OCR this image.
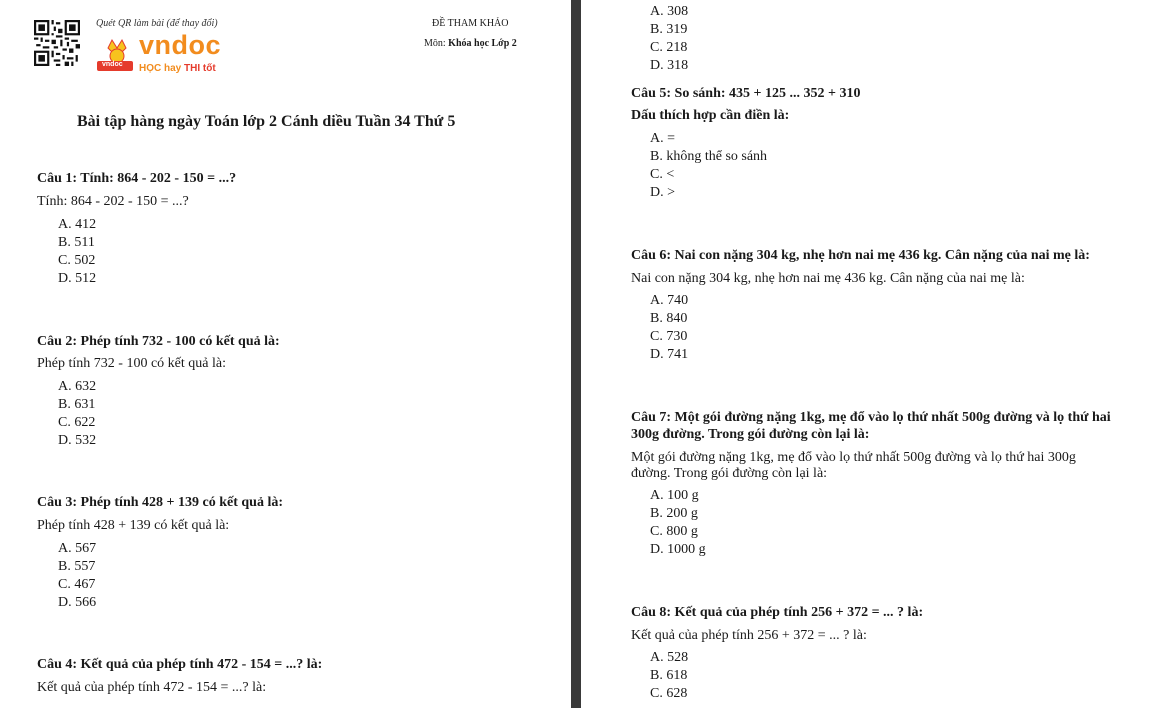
Quét QR làm bài (để thay đổi)
vndoc
vndoc
HỌC hay THI tốt
ĐỀ THAM KHẢO
Môn: Khóa học Lớp 2
Bài tập hàng ngày Toán lớp 2 Cánh diều Tuần 34 Thứ 5
Câu 1: Tính: 864 - 202 - 150 = ...?
Tính: 864 - 202 - 150 = ...?
A. 412
B. 511
C. 502
D. 512
Câu 2: Phép tính 732 - 100 có kết quả là:
Phép tính 732 - 100 có kết quả là:
A. 632
B. 631
C. 622
D. 532
Câu 3: Phép tính 428 + 139 có kết quả là:
Phép tính 428 + 139 có kết quả là:
A. 567
B. 557
C. 467
D. 566
Câu 4: Kết quả của phép tính 472 - 154 = ...? là:
Kết quả của phép tính 472 - 154 = ...? là:
A. 308
B. 319
C. 218
D. 318
Câu 5: So sánh: 435 + 125 ... 352 + 310
Dấu thích hợp cần điền là:
A. =
B. không thể so sánh
C. <
D. >
Câu 6: Nai con nặng 304 kg, nhẹ hơn nai mẹ 436 kg. Cân nặng của nai mẹ là:
Nai con nặng 304 kg, nhẹ hơn nai mẹ 436 kg. Cân nặng của nai mẹ là:
A. 740
B. 840
C. 730
D. 741
Câu 7: Một gói đường nặng 1kg, mẹ đổ vào lọ thứ nhất 500g đường và lọ thứ hai
300g đường. Trong gói đường còn lại là:
Một gói đường nặng 1kg, mẹ đổ vào lọ thứ nhất 500g đường và lọ thứ hai 300g
đường. Trong gói đường còn lại là:
A. 100 g
B. 200 g
C. 800 g
D. 1000 g
Câu 8: Kết quả của phép tính 256 + 372 = ... ? là:
Kết quả của phép tính 256 + 372 = ... ? là:
A. 528
B. 618
C. 628
